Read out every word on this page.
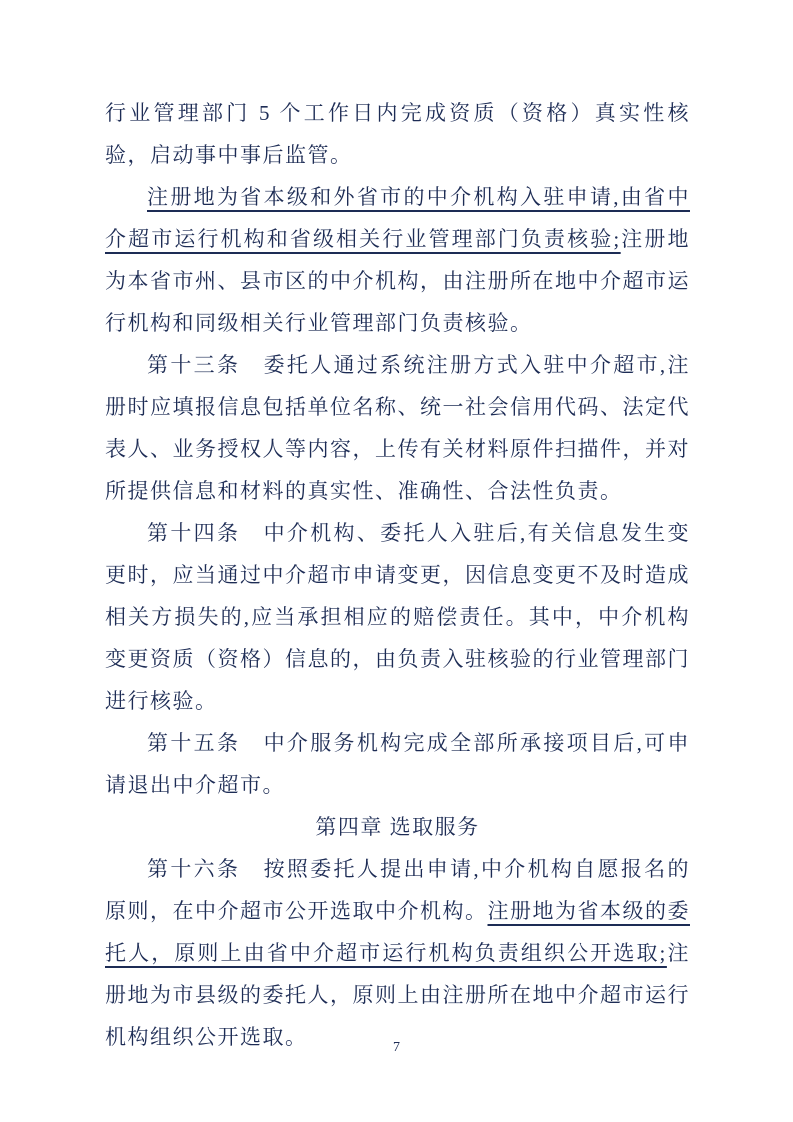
行业管理部门 5 个工作日内完成资质（资格）真实性核验，启动事中事后监管。

注册地为省本级和外省市的中介机构入驻申请,由省中介超市运行机构和省级相关行业管理部门负责核验;注册地为本省市州、县市区的中介机构，由注册所在地中介超市运行机构和同级相关行业管理部门负责核验。

第十三条　委托人通过系统注册方式入驻中介超市,注册时应填报信息包括单位名称、统一社会信用代码、法定代表人、业务授权人等内容，上传有关材料原件扫描件，并对所提供信息和材料的真实性、准确性、合法性负责。

第十四条　中介机构、委托人入驻后,有关信息发生变更时，应当通过中介超市申请变更，因信息变更不及时造成相关方损失的,应当承担相应的赔偿责任。其中，中介机构变更资质（资格）信息的，由负责入驻核验的行业管理部门进行核验。

第十五条　中介服务机构完成全部所承接项目后,可申请退出中介超市。

第四章 选取服务

第十六条　按照委托人提出申请,中介机构自愿报名的原则，在中介超市公开选取中介机构。注册地为省本级的委托人，原则上由省中介超市运行机构负责组织公开选取;注册地为市县级的委托人，原则上由注册所在地中介超市运行机构组织公开选取。	7
